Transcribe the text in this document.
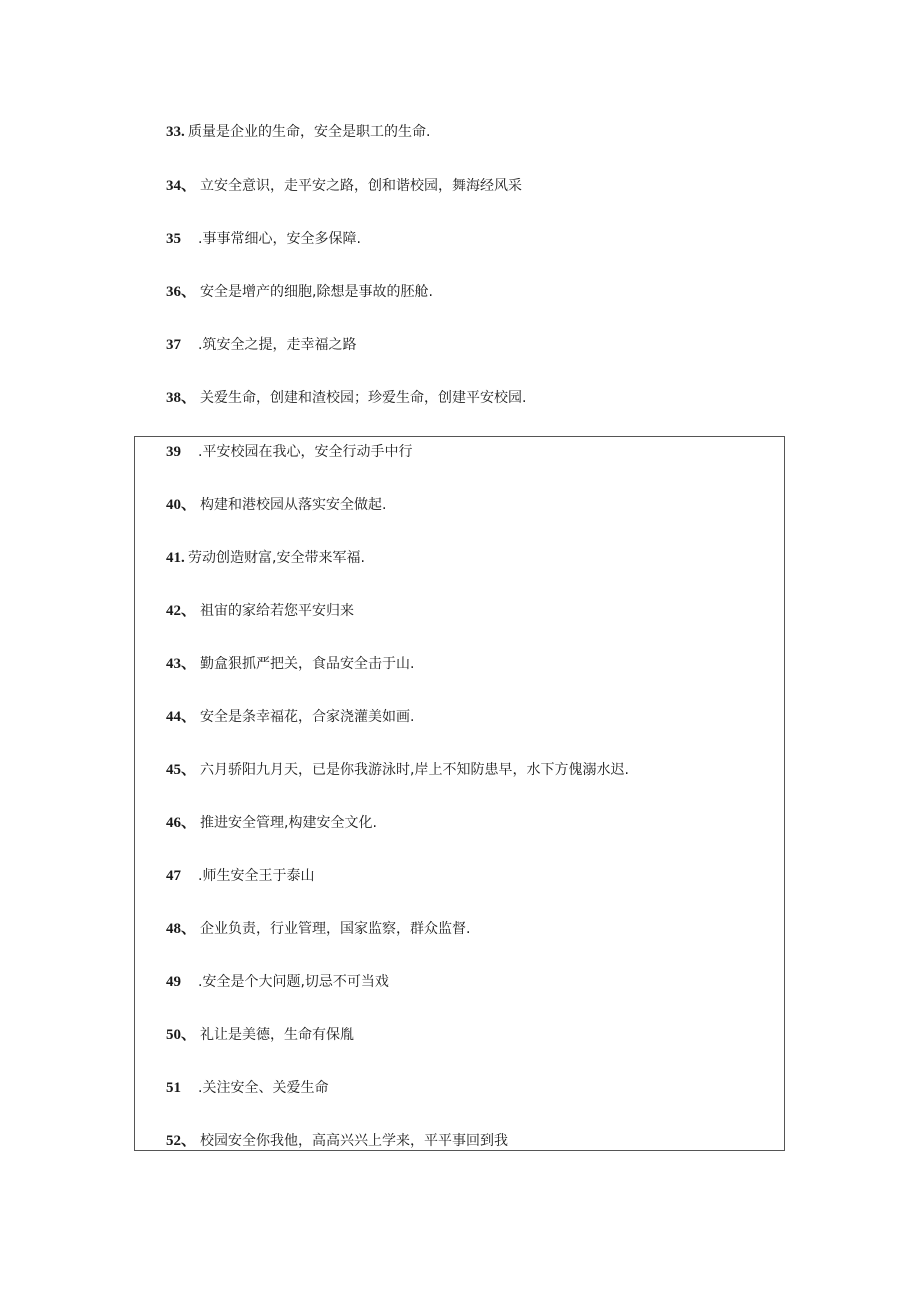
33. 质量是企业的生命，安全是职工的生命.
34、 立安全意识，走平安之路，创和谐校园，舞海经风采
35 .事事常细心，安全多保障.
36、 安全是增产的细胞,除想是事故的胚舱.
37 .筑安全之提，走幸福之路
38、 关爱生命，创建和渣校园；珍爱生命，创建平安校园.
39 .平安校园在我心，安全行动手中行
40、 构建和港校园从落实安全做起.
41. 劳动创造财富,安全带来军福.
42、 祖宙的家给若您平安归来
43、 勤盒狠抓严把关，食品安全击于山.
44、 安全是条幸福花，合家浇灌美如画.
45、 六月骄阳九月天，已是你我游泳时,岸上不知防患早，水下方傀溺水迟.
46、 推进安全管理,构建安全文化.
47 .师生安全王于泰山
48、 企业负责，行业管理，国家监察，群众监督.
49 .安全是个大问题,切忌不可当戏
50、 礼让是美德，生命有保胤
51 .关注安全、关爱生命
52、 校园安全你我他，高高兴兴上学来，平平事回到我
